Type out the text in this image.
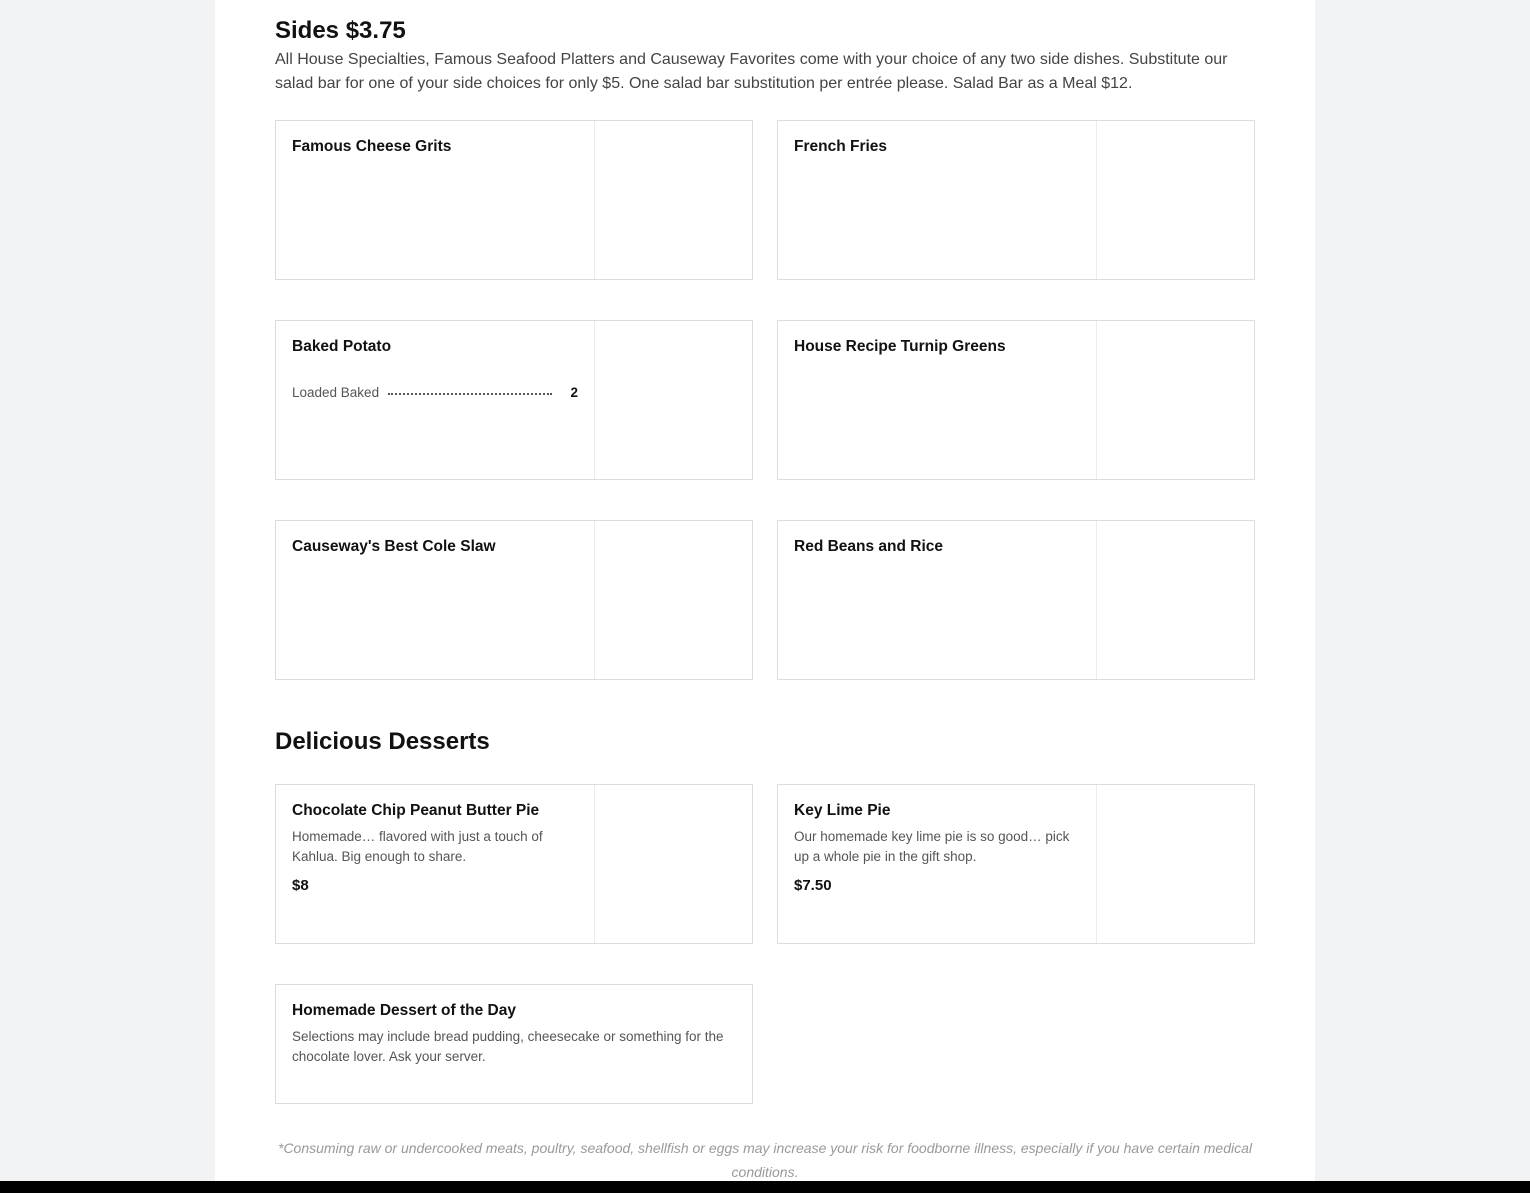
Sides $3.75

All House Specialties, Famous Seafood Platters and Causeway Favorites come with your choice of any two side dishes. Substitute our salad bar for one of your side choices for only $5. One salad bar substitution per entrée please. Salad Bar as a Meal $12.

Famous Cheese Grits	French Fries
Baked Potato
Loaded Baked	2
House Recipe Turnip Greens
Causeway's Best Cole Slaw	Red Beans and Rice
Delicious Desserts
Chocolate Chip Peanut Butter Pie
Homemade… flavored with just a touch of Kahlua. Big enough to share.
$8
Key Lime Pie
Our homemade key lime pie is so good… pick up a whole pie in the gift shop.
$7.50
Homemade Dessert of the Day
Selections may include bread pudding, cheesecake or something for the chocolate lover. Ask your server.

*Consuming raw or undercooked meats, poultry, seafood, shellfish or eggs may increase your risk for foodborne illness, especially if you have certain medical conditions.
